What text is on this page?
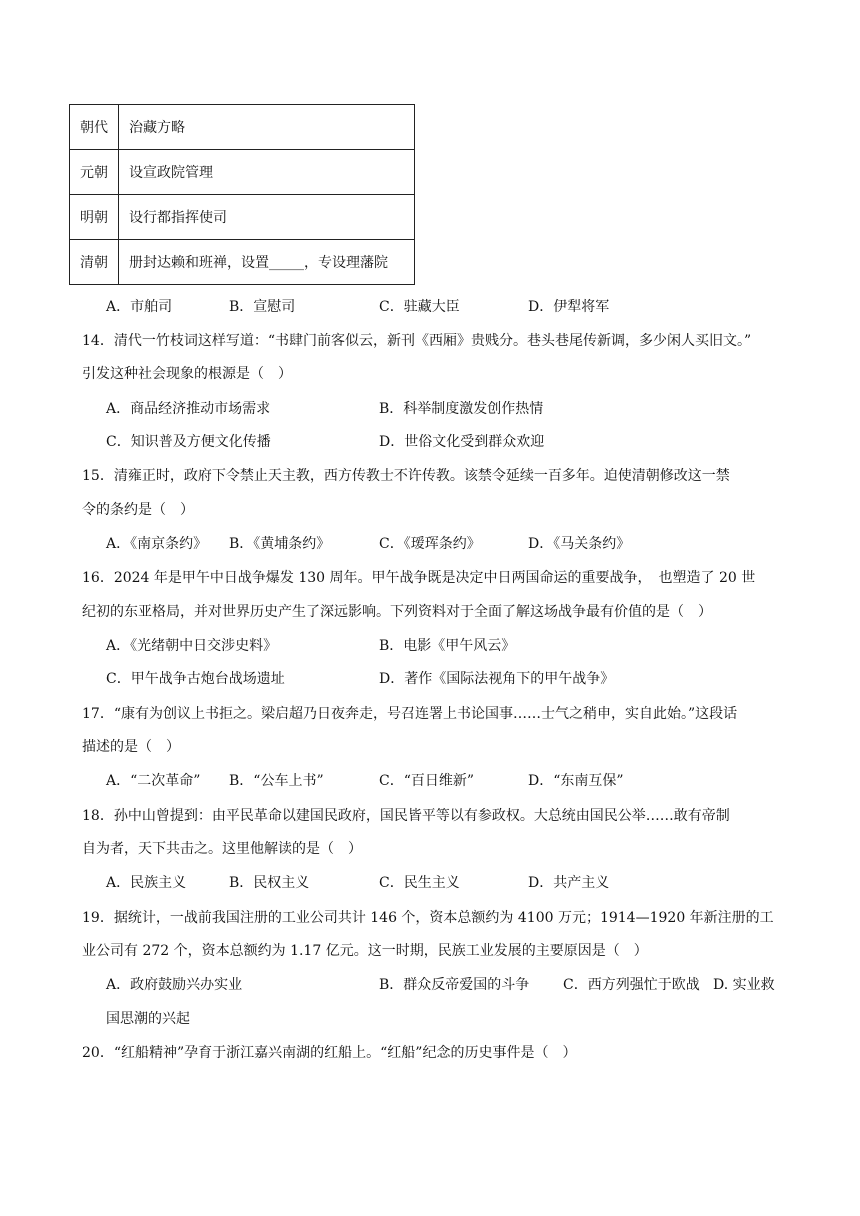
朝代	治藏方略
元朝	设宣政院管理
明朝	设行都指挥使司
清朝	册封达赖和班禅，设置_____，专设理藩院
A．市舶司	B．宣慰司	C．驻藏大臣	D．伊犁将军
14．清代一竹枝词这样写道：“书肆门前客似云，新刊《西厢》贵贱分。巷头巷尾传新调，多少闲人买旧文。”
引发这种社会现象的根源是（　）
A．商品经济推动市场需求	B．科举制度激发创作热情
C．知识普及方便文化传播	D．世俗文化受到群众欢迎
15．清雍正时，政府下令禁止天主教，西方传教士不许传教。该禁令延续一百多年。迫使清朝修改这一禁
令的条约是（　）
A．《南京条约》 B．《黄埔条约》	C．《瑷珲条约》	D．《马关条约》
16．2024 年是甲午中日战争爆发 130 周年。甲午战争既是决定中日两国命运的重要战争，　也塑造了 20 世
纪初的东亚格局，并对世界历史产生了深远影响。下列资料对于全面了解这场战争最有价值的是（　）
A．《光绪朝中日交涉史料》	B．电影《甲午风云》
C．甲午战争古炮台战场遗址	D．著作《国际法视角下的甲午战争》
17．“康有为创议上书拒之。梁启超乃日夜奔走，号召连署上书论国事……士气之稍申，实自此始。”这段话
描述的是（　）
A．“二次革命” B．“公车上书”	C．“百日维新”	D．“东南互保”
18．孙中山曾提到：由平民革命以建国民政府，国民皆平等以有参政权。大总统由国民公举……敢有帝制
自为者，天下共击之。这里他解读的是（　）
A．民族主义	B．民权主义	C．民生主义	D．共产主义
19．据统计，一战前我国注册的工业公司共计 146 个，资本总额约为 4100 万元；1914—1920 年新注册的工
业公司有 272 个，资本总额约为 1.17 亿元。这一时期，民族工业发展的主要原因是（　）
A．政府鼓励兴办实业	B．群众反帝爱国的斗争 C．西方列强忙于欧战 D. 实业救
国思潮的兴起
20．“红船精神”孕育于浙江嘉兴南湖的红船上。“红船”纪念的历史事件是（　）
